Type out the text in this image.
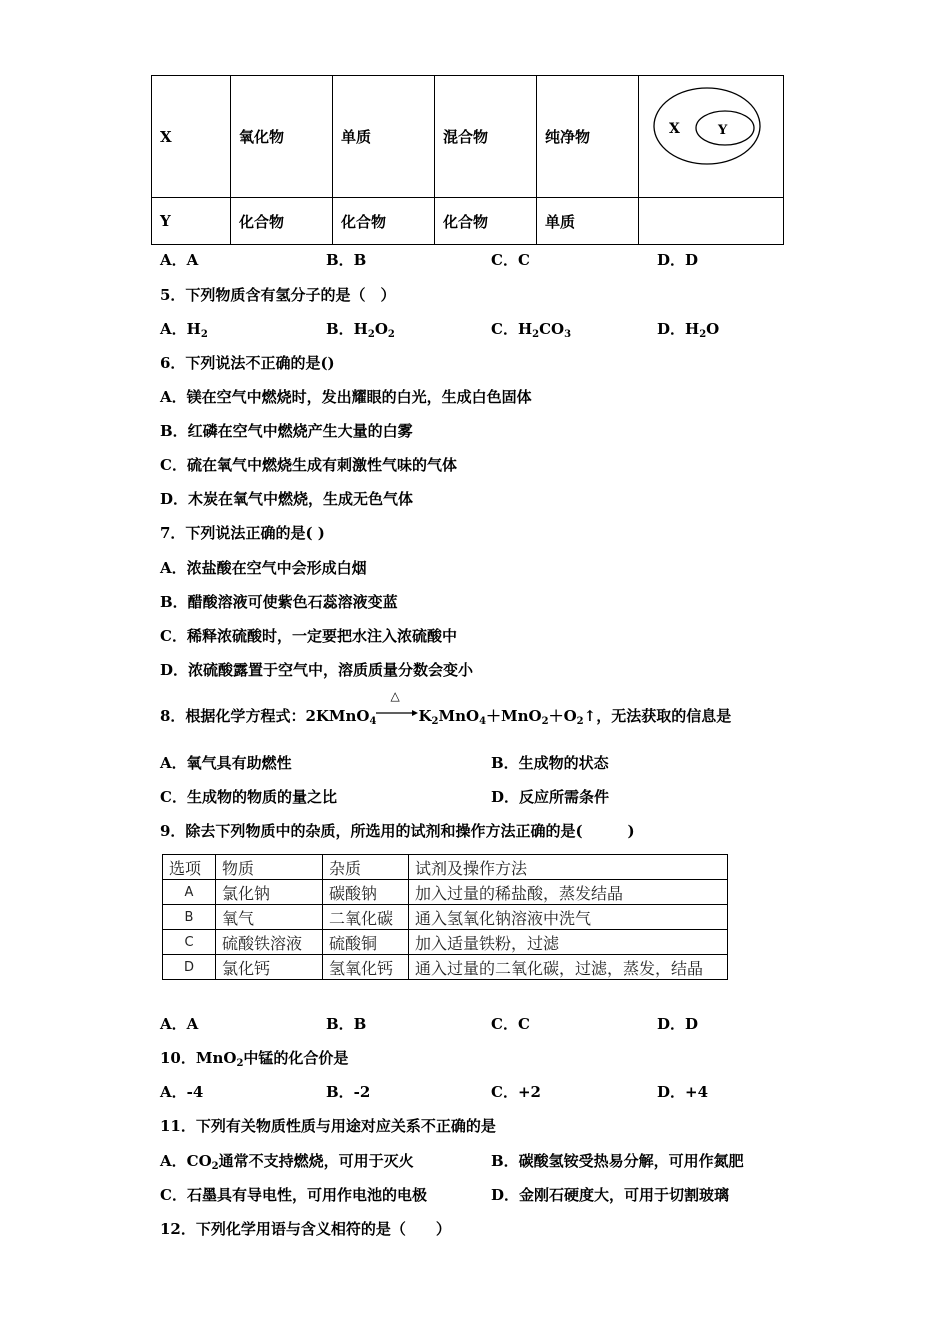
X	氧化物	单质	混合物	纯净物	X Y

Y	化合物	化合物	化合物	单质	
A．A	B．B	C．C	D．D
5．下列物质含有氢分子的是（　）
A．$H_2$	B．$H_2O_2$	C．$H_2CO_3$	D．$H_2O$
6．下列说法不正确的是()
A．镁在空气中燃烧时，发出耀眼的白光，生成白色固体
B．红磷在空气中燃烧产生大量的白雾
C．硫在氧气中燃烧生成有刺激性气味的气体
D．木炭在氧气中燃烧，生成无色气体
7．下列说法正确的是( )
A．浓盐酸在空气中会形成白烟
B．醋酸溶液可使紫色石蕊溶液变蓝
C．稀释浓硫酸时，一定要把水注入浓硫酸中
D．浓硫酸露置于空气中，溶质质量分数会变小
8．根据化学方程式：2KMnO$_4$
△
$K_2MnO_4+MnO_2+O_2↑$，无法获取的信息是
A．氧气具有助燃性	B．生成物的状态
C．生成物的物质的量之比	D．反应所需条件
9．除去下列物质中的杂质，所选用的试剂和操作方法正确的是(　　　)
选项	物质	杂质	试剂及操作方法
A	氯化钠	碳酸钠	加入过量的稀盐酸，蒸发结晶
B	氧气	二氧化碳	通入氢氧化钠溶液中洗气
C	硫酸铁溶液	硫酸铜	加入适量铁粉，过滤
D	氯化钙	氢氧化钙	通入过量的二氧化碳，过滤，蒸发，结晶
A．A	B．B	C．C	D．D
10．MnO$_2$中锰的化合价是
A．-4	B．-2	C．+2	D．+4
11．下列有关物质性质与用途对应关系不正确的是
A．$CO_2$通常不支持燃烧，可用于灭火	B．碳酸氢铵受热易分解，可用作氮肥
C．石墨具有导电性，可用作电池的电极	D．金刚石硬度大，可用于切割玻璃
12．下列化学用语与含义相符的是（　　）
